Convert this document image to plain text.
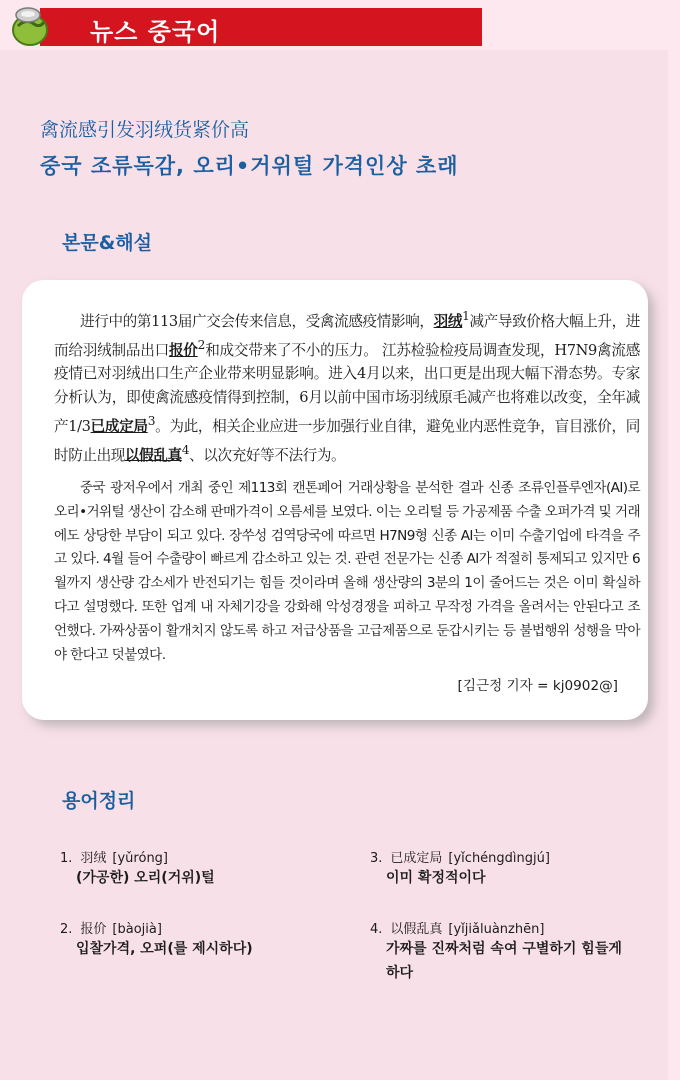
뉴스 중국어
禽流感引发羽绒货紧价高
중국 조류독감, 오리•거위털 가격인상 초래
본문&해설
进行中的第113届广交会传来信息，受禽流感疫情影响，羽绒$^1$减产导致价格大幅上升，进而给羽绒制品出口报价$^2$和成交带来了不小的压力。 江苏检验检疫局调查发现，H7N9禽流感疫情已对羽绒出口生产企业带来明显影响。进入4月以来，出口更是出现大幅下滑态势。专家分析认为，即使禽流感疫情得到控制，6月以前中国市场羽绒原毛减产也将难以改变，全年减产1/3已成定局$^3$。为此，相关企业应进一步加强行业自律，避免业内恶性竞争，盲目涨价，同时防止出现以假乱真$^4$、以次充好等不法行为。
중국 광저우에서 개최 중인 제113회 캔톤페어 거래상황을 분석한 결과 신종 조류인플루엔자(AI)로 오리•거위털 생산이 감소해 판매가격이 오름세를 보였다. 이는 오리털 등 가공제품 수출 오퍼가격 및 거래에도 상당한 부담이 되고 있다. 장쑤성 검역당국에 따르면 H7N9형 신종 AI는 이미 수출기업에 타격을 주고 있다. 4월 들어 수출량이 빠르게 감소하고 있는 것. 관련 전문가는 신종 AI가 적절히 통제되고 있지만 6월까지 생산량 감소세가 반전되기는 힘들 것이라며 올해 생산량의 3분의 1이 줄어드는 것은 이미 확실하다고 설명했다. 또한 업계 내 자체기강을 강화해 악성경쟁을 피하고 무작정 가격을 올려서는 안된다고 조언했다. 가짜상품이 활개치지 않도록 하고 저급상품을 고급제품으로 둔갑시키는 등 불법행위 성행을 막아야 한다고 덧붙였다.
[김근정 기자 = kj0902@]
용어정리
1. 羽绒 [yǔróng]
(가공한) 오리(거위)털
2. 报价 [bàojià]
입찰가격, 오퍼(를 제시하다)
3. 已成定局 [yǐchéngdìngjú]
이미 확정적이다
4. 以假乱真 [yǐjiǎluànzhēn]
가짜를 진짜처럼 속여 구별하기 힘들게 하다
